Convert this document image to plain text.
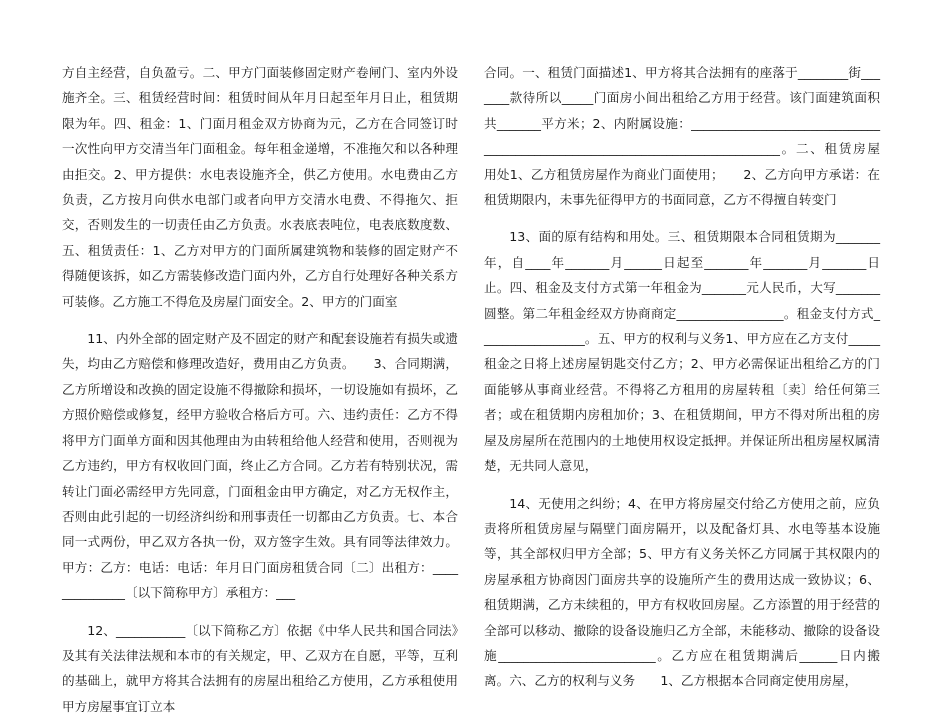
方自主经营，自负盈亏。二、甲方门面装修固定财产卷闸门、室内外设施齐全。三、租赁经营时间：租赁时间从年月日起至年月日止，租赁期限为年。四、租金：1、门面月租金双方协商为元，乙方在合同签订时一次性向甲方交清当年门面租金。每年租金递增，不准拖欠和以各种理由拒交。2、甲方提供：水电表设施齐全，供乙方使用。水电费由乙方负责，乙方按月向供水电部门或者向甲方交清水电费、不得拖欠、拒交，否则发生的一切责任由乙方负责。水表底表吨位，电表底数度数、五、租赁责任：1、乙方对甲方的门面所属建筑物和装修的固定财产不得随便该拆，如乙方需装修改造门面内外，乙方自行处理好各种关系方可装修。乙方施工不得危及房屋门面安全。2、甲方的门面室

11、内外全部的固定财产及不固定的财产和配套设施若有损失或遗失，均由乙方赔偿和修理改造好，费用由乙方负责。　　3、合同期满，乙方所增设和改换的固定设施不得撤除和损坏，一切设施如有损坏，乙方照价赔偿或修复，经甲方验收合格后方可。六、违约责任：乙方不得将甲方门面单方面和因其他理由为由转租给他人经营和使用，否则视为乙方违约，甲方有权收回门面，终止乙方合同。乙方若有特别状况，需转让门面必需经甲方先同意，门面租金由甲方确定，对乙方无权作主，否则由此引起的一切经济纠纷和刑事责任一切都由乙方负责。七、本合同一式两份，甲乙双方各执一份，双方签字生效。具有同等法律效力。甲方：乙方：电话：电话：年月日门面房租赁合同〔二〕出租方：______________〔以下简称甲方〕承租方：___

12、___________〔以下简称乙方〕依据《中华人民共和国合同法》及其有关法律法规和本市的有关规定，甲、乙双方在自愿，平等，互利的基础上，就甲方将其合法拥有的房屋出租给乙方使用，乙方承租使用甲方房屋事宜订立本

合同。一、租赁门面描述1、甲方将其合法拥有的座落于________街_______款待所以_____门面房小间出租给乙方用于经营。该门面建筑面积共_______平方米；2、内附属设施：_____________________________________________________________________________。二、租赁房屋用处1、乙方租赁房屋作为商业门面使用；　　2、乙方向甲方承诺：在租赁期限内，未事先征得甲方的书面同意，乙方不得擅自转变门

13、面的原有结构和用处。三、租赁期限本合同租赁期为_______年，自____年_______月______日起至_______年_______月_______日止。四、租金及支付方式第一年租金为_______元人民币，大写_______圆整。第二年租金经双方协商商定_________________。租金支付方式_________________。五、甲方的权利与义务1、甲方应在乙方支付_____租金之日将上述房屋钥匙交付乙方；2、甲方必需保证出租给乙方的门面能够从事商业经营。不得将乙方租用的房屋转租〔卖〕给任何第三者；或在租赁期内房租加价；3、在租赁期间，甲方不得对所出租的房屋及房屋所在范围内的土地使用权设定抵押。并保证所出租房屋权属清楚，无共同人意见，

14、无使用之纠纷；4、在甲方将房屋交付给乙方使用之前，应负责将所租赁房屋与隔壁门面房隔开，以及配备灯具、水电等基本设施等，其全部权归甲方全部；5、甲方有义务关怀乙方同属于其权限内的房屋承租方协商因门面房共享的设施所产生的费用达成一致协议；6、租赁期满，乙方未续租的，甲方有权收回房屋。乙方添置的用于经营的全部可以移动、撤除的设备设施归乙方全部，未能移动、撤除的设备设施_________________________。乙方应在租赁期满后______日内搬离。六、乙方的权利与义务　　1、乙方根据本合同商定使用房屋，
